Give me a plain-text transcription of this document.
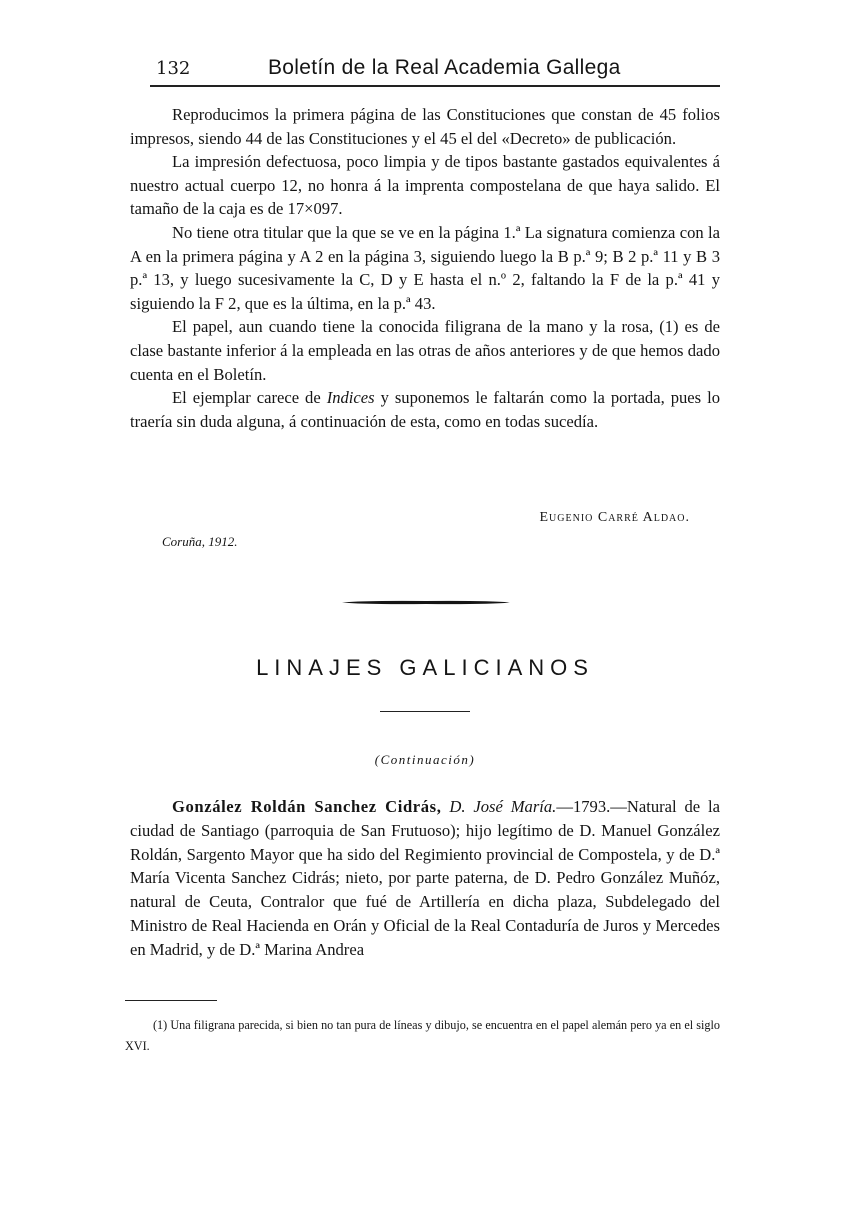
132	Boletín de la Real Academia Gallega

Reproducimos la primera página de las Constituciones que constan de 45 folios impresos, siendo 44 de las Constituciones y el 45 el del «Decreto» de publicación.

La impresión defectuosa, poco limpia y de tipos bastante gastados equivalentes á nuestro actual cuerpo 12, no honra á la imprenta compostelana de que haya salido. El tamaño de la caja es de 17×097.

No tiene otra titular que la que se ve en la página 1.ª La signatura comienza con la A en la primera página y A 2 en la página 3, siguiendo luego la B p.ª 9; B 2 p.ª 11 y B 3 p.ª 13, y luego sucesivamente la C, D y E hasta el n.º 2, faltando la F de la p.ª 41 y siguiendo la F 2, que es la última, en la p.ª 43.

El papel, aun cuando tiene la conocida filigrana de la mano y la rosa, (1) es de clase bastante inferior á la empleada en las otras de años anteriores y de que hemos dado cuenta en el Boletín.

El ejemplar carece de Indices y suponemos le faltarán como la portada, pues lo traería sin duda alguna, á continuación de esta, como en todas sucedía.

Eugenio Carré Aldao.
Coruña, 1912.
LINAJES GALICIANOS
(Continuación)

González Roldán Sanchez Cidrás, D. José María.—1793.—Natural de la ciudad de Santiago (parroquia de San Frutuoso); hijo legítimo de D. Manuel González Roldán, Sargento Mayor que ha sido del Regimiento provincial de Compostela, y de D.ª María Vicenta Sanchez Cidrás; nieto, por parte paterna, de D. Pedro González Muñóz, natural de Ceuta, Contralor que fué de Artillería en dicha plaza, Subdelegado del Ministro de Real Hacienda en Orán y Oficial de la Real Contaduría de Juros y Mercedes en Madrid, y de D.ª Marina Andrea

(1) Una filigrana parecida, si bien no tan pura de líneas y dibujo, se encuentra en el papel alemán pero ya en el siglo XVI.
